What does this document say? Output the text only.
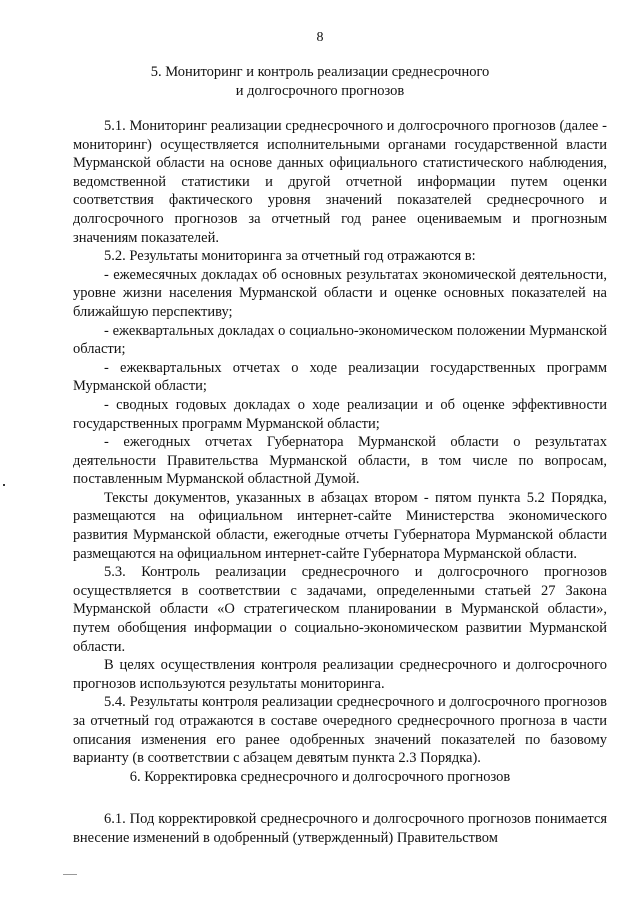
8
5. Мониторинг и контроль реализации среднесрочного
и долгосрочного прогнозов

5.1. Мониторинг реализации среднесрочного и долгосрочного прогнозов (далее - мониторинг) осуществляется исполнительными органами государственной власти Мурманской области на основе данных официального статистического наблюдения, ведомственной статистики и другой отчетной информации путем оценки соответствия фактического уровня значений показателей среднесрочного и долгосрочного прогнозов за отчетный год ранее оцениваемым и прогнозным значениям показателей.

5.2. Результаты мониторинга за отчетный год отражаются в:

- ежемесячных докладах об основных результатах экономической деятельности, уровне жизни населения Мурманской области и оценке основных показателей на ближайшую перспективу;

- ежеквартальных докладах о социально-экономическом положении Мурманской области;

- ежеквартальных отчетах о ходе реализации государственных программ Мурманской области;

- сводных годовых докладах о ходе реализации и об оценке эффективности государственных программ Мурманской области;

- ежегодных отчетах Губернатора Мурманской области о результатах деятельности Правительства Мурманской области, в том числе по вопросам, поставленным Мурманской областной Думой.

Тексты документов, указанных в абзацах втором - пятом пункта 5.2 Порядка, размещаются на официальном интернет-сайте Министерства экономического развития Мурманской области, ежегодные отчеты Губернатора Мурманской области размещаются на официальном интернет-сайте Губернатора Мурманской области.

5.3. Контроль реализации среднесрочного и долгосрочного прогнозов осуществляется в соответствии с задачами, определенными статьей 27 Закона Мурманской области «О стратегическом планировании в Мурманской области», путем обобщения информации о социально-экономическом развитии Мурманской области.

В целях осуществления контроля реализации среднесрочного и долгосрочного прогнозов используются результаты мониторинга.

5.4. Результаты контроля реализации среднесрочного и долгосрочного прогнозов за отчетный год отражаются в составе очередного среднесрочного прогноза в части описания изменения его ранее одобренных значений показателей по базовому варианту (в соответствии с абзацем девятым пункта 2.3 Порядка).

6. Корректировка среднесрочного и долгосрочного прогнозов

6.1. Под корректировкой среднесрочного и долгосрочного прогнозов понимается внесение изменений в одобренный (утвержденный) Правительством
